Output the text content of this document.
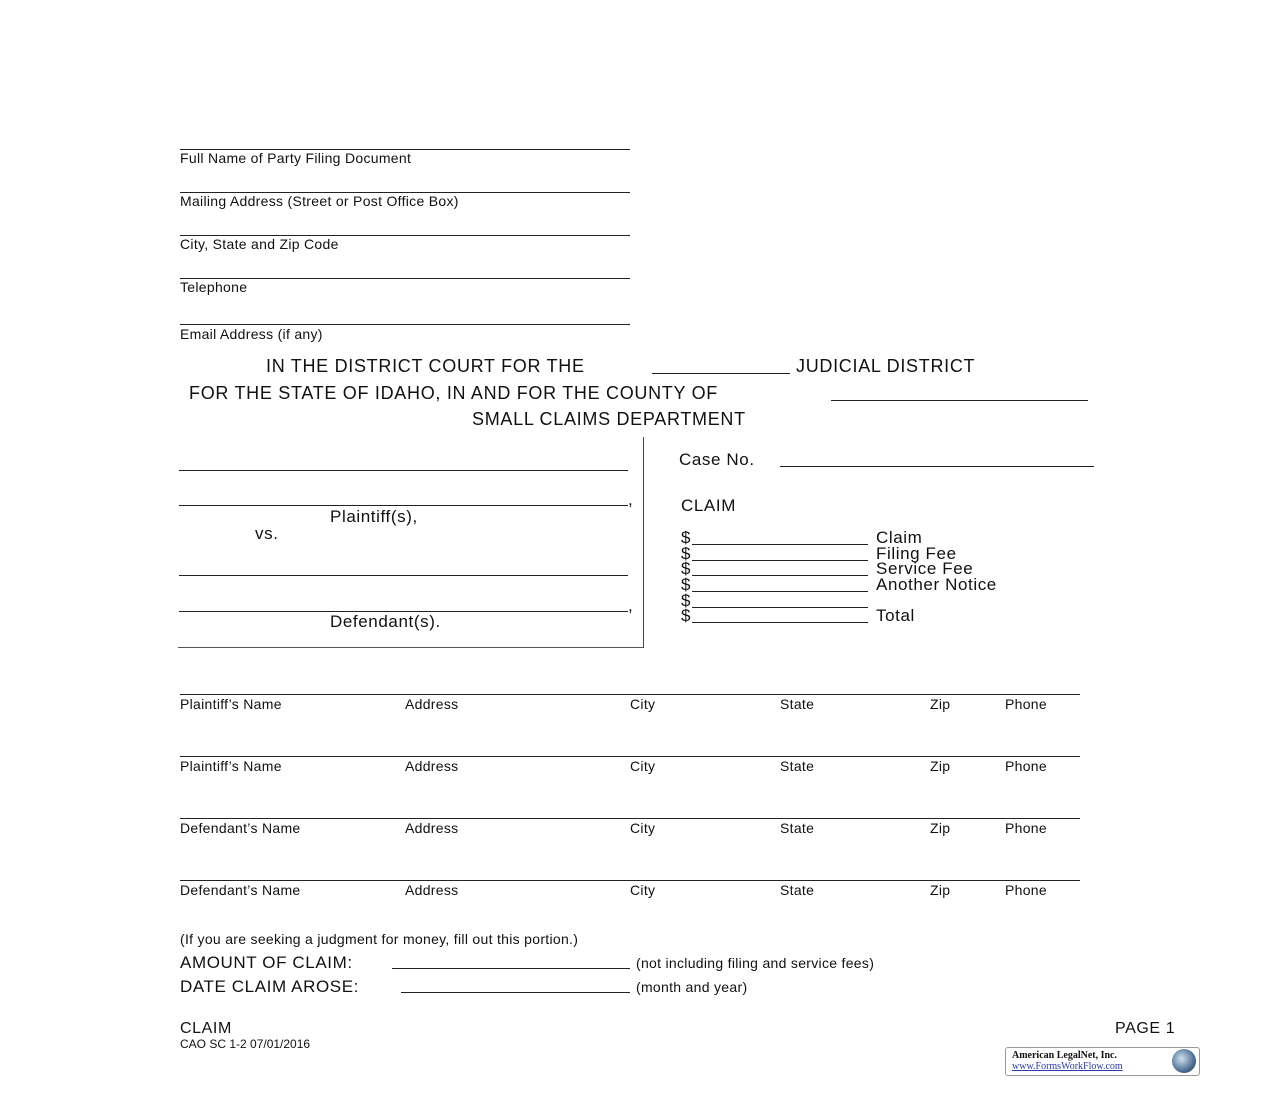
Full Name of Party Filing Document
Mailing Address (Street or Post Office Box)
City, State and Zip Code
Telephone
Email Address (if any)
IN THE DISTRICT COURT FOR THE	JUDICIAL DISTRICT
FOR THE STATE OF IDAHO, IN AND FOR THE COUNTY OF
SMALL CLAIMS DEPARTMENT
,
Plaintiff(s),
vs.
,
Defendant(s).
Case No.
CLAIM
$	Claim
$	Filing Fee
$	Service Fee
$	Another Notice
$
$	Total
Plaintiff’s Name	Address	City	State	Zip	Phone
Plaintiff’s Name	Address	City	State	Zip	Phone
Defendant’s Name	Address	City	State	Zip	Phone
Defendant’s Name	Address	City	State	Zip	Phone
(If you are seeking a judgment for money, fill out this portion.)
AMOUNT OF CLAIM:	(not including filing and service fees)
DATE CLAIM AROSE:	(month and year)
CLAIM
CAO SC 1-2 07/01/2016
PAGE 1
American LegalNet, Inc.
www.FormsWorkFlow.com
